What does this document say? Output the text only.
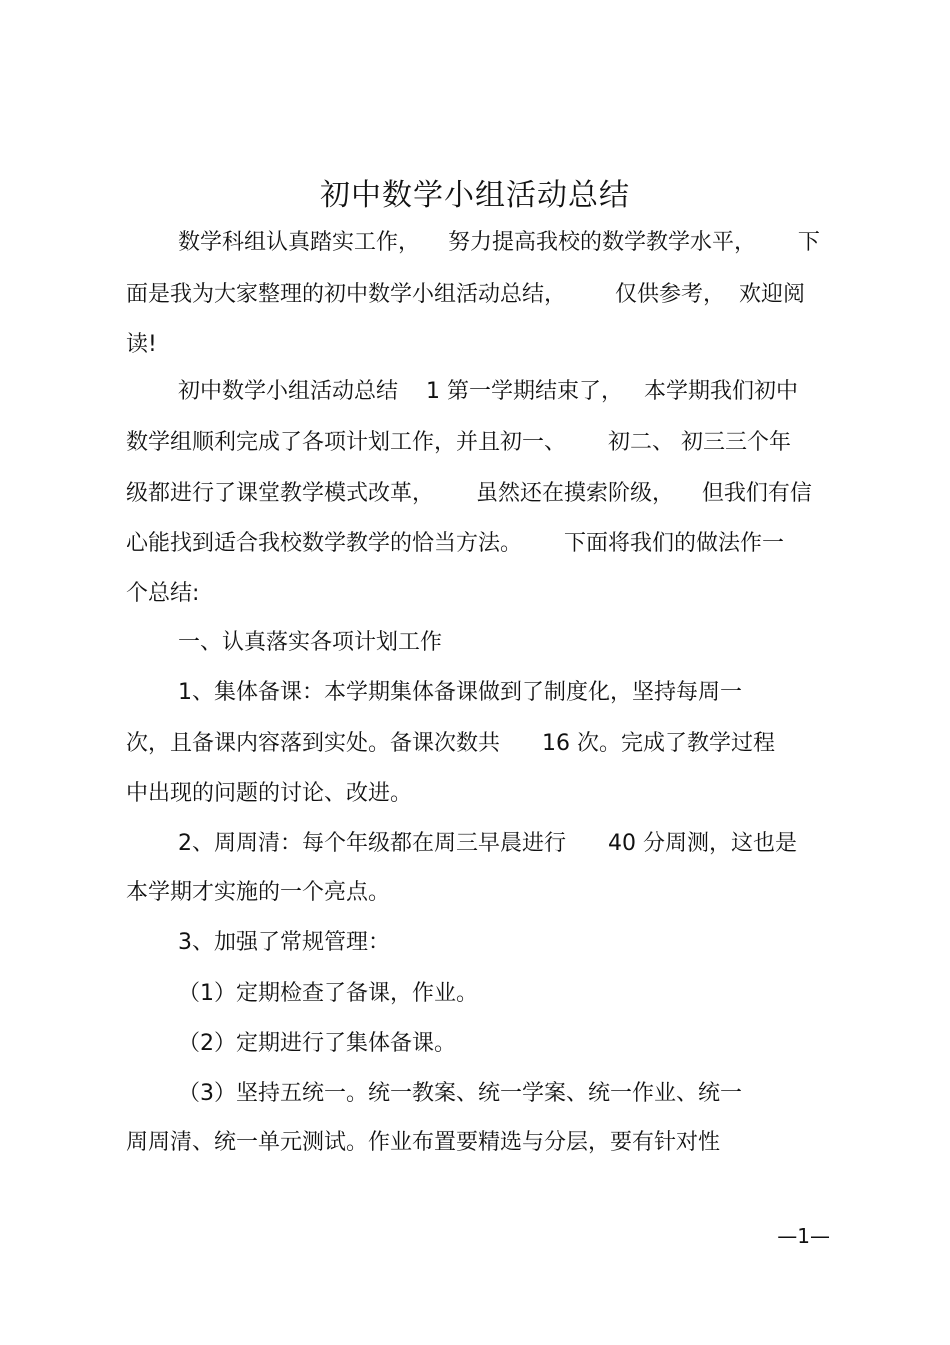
初中数学小组活动总结
数学科组认真踏实工作，    努力提高我校的数学教学水平，      下
面是我为大家整理的初中数学小组活动总结，       仅供参考，  欢迎阅
读!
初中数学小组活动总结    1 第一学期结束了，   本学期我们初中
数学组顺利完成了各项计划工作，并且初一、      初二、 初三三个年
级都进行了课堂教学模式改革，      虽然还在摸索阶级，    但我们有信
心能找到适合我校数学教学的恰当方法。      下面将我们的做法作一
个总结:
一、认真落实各项计划工作
1、集体备课：本学期集体备课做到了制度化，坚持每周一
次，且备课内容落到实处。备课次数共      16 次。完成了教学过程
中出现的问题的讨论、改进。
2、周周清：每个年级都在周三早晨进行      40 分周测，这也是
本学期才实施的一个亮点。
3、加强了常规管理：
（1）定期检查了备课，作业。
（2）定期进行了集体备课。
（3）坚持五统一。统一教案、统一学案、统一作业、统一
周周清、统一单元测试。作业布置要精选与分层，要有针对性
—1—
